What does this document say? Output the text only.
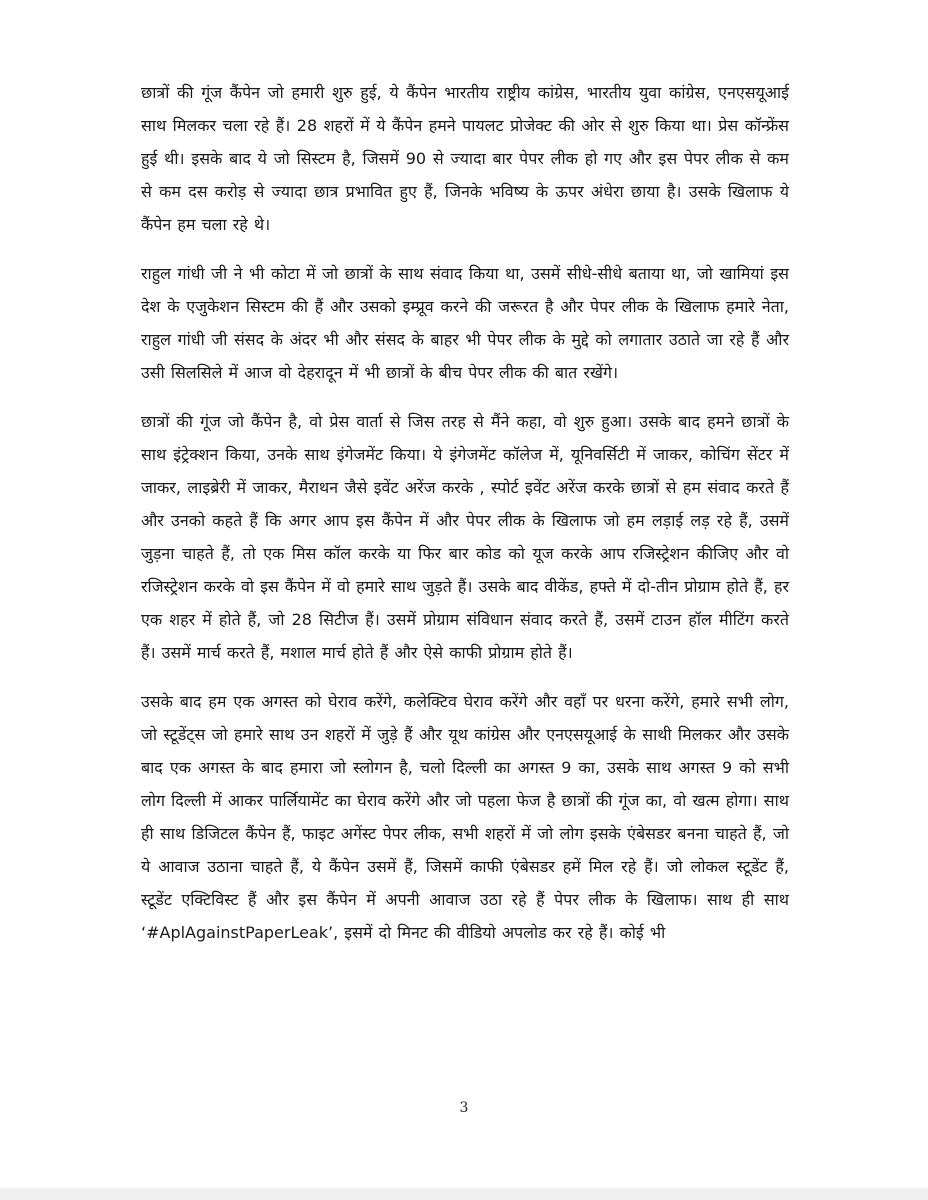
छात्रों की गूंज कैंपेन जो हमारी शुरु हुई, ये कैंपेन भारतीय राष्ट्रीय कांग्रेस, भारतीय युवा कांग्रेस, एनएसयूआई साथ मिलकर चला रहे हैं। 28 शहरों में ये कैंपेन हमने पायलट प्रोजेक्ट की ओर से शुरु किया था। प्रेस कॉन्फ्रेंस हुई थी। इसके बाद ये जो सिस्टम है, जिसमें 90 से ज्यादा बार पेपर लीक हो गए और इस पेपर लीक से कम से कम दस करोड़ से ज्यादा छात्र प्रभावित हुए हैं, जिनके भविष्य के ऊपर अंधेरा छाया है। उसके खिलाफ ये कैंपेन हम चला रहे थे।

राहुल गांधी जी ने भी कोटा में जो छात्रों के साथ संवाद किया था, उसमें सीधे-सीधे बताया था, जो खामियां इस देश के एजुकेशन सिस्टम की हैं और उसको इम्प्रूव करने की जरूरत है और पेपर लीक के खिलाफ हमारे नेता, राहुल गांधी जी संसद के अंदर भी और संसद के बाहर भी पेपर लीक के मुद्दे को लगातार उठाते जा रहे हैं और उसी सिलसिले में आज वो देहरादून में भी छात्रों के बीच पेपर लीक की बात रखेंगे।

छात्रों की गूंज जो कैंपेन है, वो प्रेस वार्ता से जिस तरह से मैंने कहा, वो शुरु हुआ। उसके बाद हमने छात्रों के साथ इंट्रेक्शन किया, उनके साथ इंगेजमेंट किया। ये इंगेजमेंट कॉलेज में, यूनिवर्सिटी में जाकर, कोचिंग सेंटर में जाकर, लाइब्रेरी में जाकर, मैराथन जैसे इवेंट अरेंज करके , स्पोर्ट इवेंट अरेंज करके छात्रों से हम संवाद करते हैं और उनको कहते हैं कि अगर आप इस कैंपेन में और पेपर लीक के खिलाफ जो हम लड़ाई लड़ रहे हैं, उसमें जुड़ना चाहते हैं, तो एक मिस कॉल करके या फिर बार कोड को यूज करके आप रजिस्ट्रेशन कीजिए और वो रजिस्ट्रेशन करके वो इस कैंपेन में वो हमारे साथ जुड़ते हैं। उसके बाद वीकेंड, हफ्ते में दो-तीन प्रोग्राम होते हैं, हर एक शहर में होते हैं, जो 28 सिटीज हैं। उसमें प्रोग्राम संविधान संवाद करते हैं, उसमें टाउन हॉल मीटिंग करते हैं। उसमें मार्च करते हैं, मशाल मार्च होते हैं और ऐसे काफी प्रोग्राम होते हैं।

उसके बाद हम एक अगस्त को घेराव करेंगे, कलेक्टिव घेराव करेंगे और वहाँ पर धरना करेंगे, हमारे सभी लोग, जो स्टूडेंट्स जो हमारे साथ उन शहरों में जुड़े हैं और यूथ कांग्रेस और एनएसयूआई के साथी मिलकर और उसके बाद एक अगस्त के बाद हमारा जो स्लोगन है, चलो दिल्ली का अगस्त 9 का, उसके साथ अगस्त 9 को सभी लोग दिल्ली में आकर पार्लियामेंट का घेराव करेंगे और जो पहला फेज है छात्रों की गूंज का, वो खत्म होगा। साथ ही साथ डिजिटल कैंपेन हैं, फाइट अगेंस्ट पेपर लीक, सभी शहरों में जो लोग इसके एंबेसडर बनना चाहते हैं, जो ये आवाज उठाना चाहते हैं, ये कैंपेन उसमें हैं, जिसमें काफी एंबेसडर हमें मिल रहे हैं। जो लोकल स्टूडेंट हैं, स्टूडेंट एक्टिविस्ट हैं और इस कैंपेन में अपनी आवाज उठा रहे हैं पेपर लीक के खिलाफ। साथ ही साथ ‘#AplAgainstPaperLeak’, इसमें दो मिनट की वीडियो अपलोड कर रहे हैं। कोई भी

3
